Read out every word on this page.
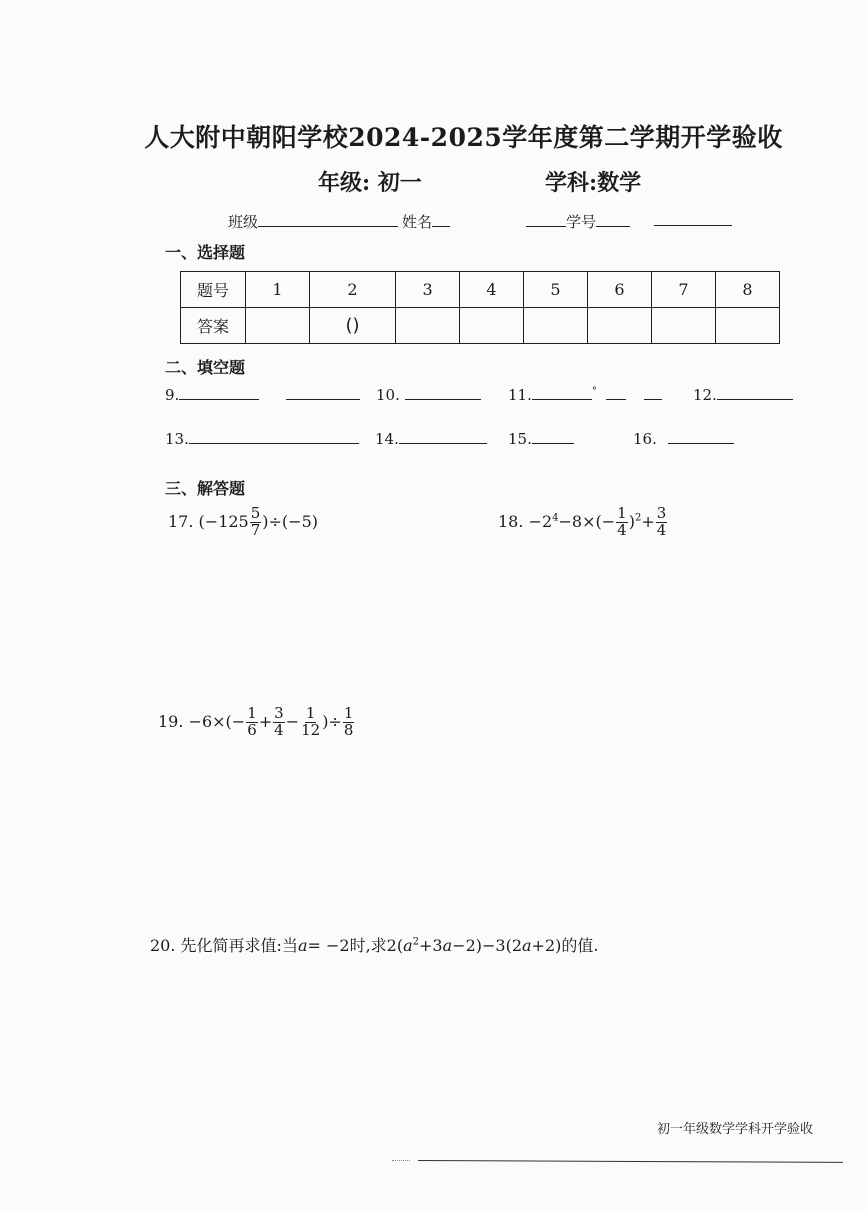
人大附中朝阳学校2024-2025学年度第二学期开学验收
年级: 初一	学科:数学
班级	姓名	学号
一、选择题
题号	1	2	3	4	5	6	7	8
答案		()						
二、填空题
9.	10.	11.	°	12.
13.	14.	15.	16.
三、解答题
17. $(-125 \frac{5}{7} )\div(-5)$	18. $-2^4-8\times(- \frac{1}{4} )^2+ \frac{3}{4}$
19. $-6\times(- \frac{1}{6} + \frac{3}{4} - \frac{1}{12}$ )÷ $\frac{1}{8}$
20. 先化简再求值:当a= −2时,求$2(a^2+3a-2)-3(2a+2)$的值.
初一年级数学学科开学验收
